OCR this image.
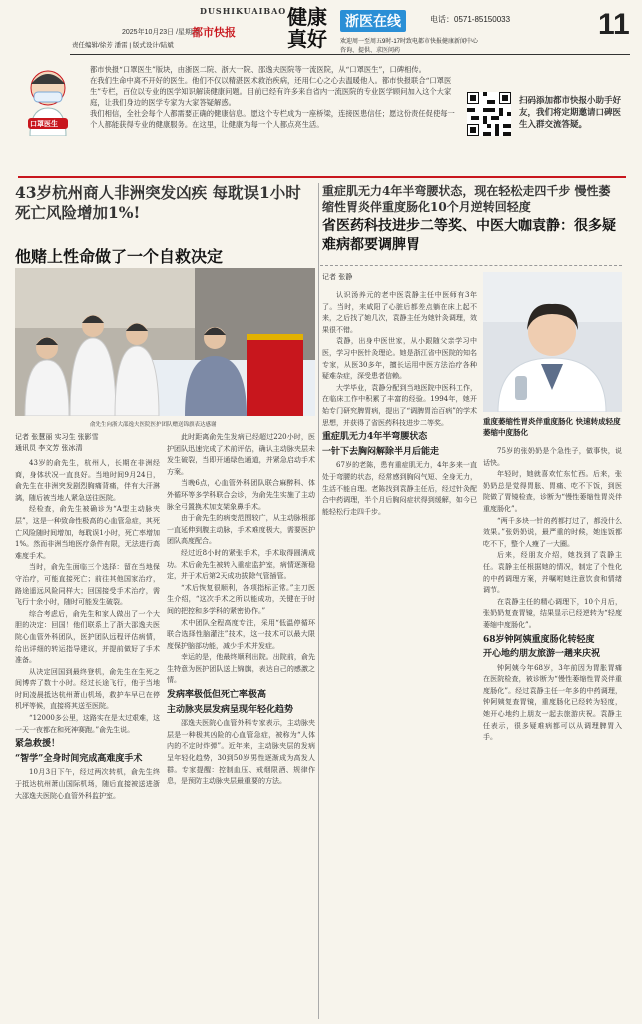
2025年10月23日 /星期四
都市快报
DUSHIKUAIBAO 健康
真好
浙医在线	电话：0571-85150033
欢迎周一至周五9时-17时致电都市快报健康新闻中心
咨询、提供、求医问药
11
责任编辑/徐芳 潘雷 | 版式设计/陆斌
口罩医生

都市快报“口罩医生”版块，由浙医二院、浙大一院、邵逸夫医院等一流医院，从“口罩医生”，口碑相传。

在我们生命中离不开好的医生。他们不仅以精湛医术救治疾病，还用仁心之心去温暖他人。都市快报联合“口罩医生”专栏，百位以专业的医学知识解读健康问题。目前已经有许多来自省内一流医院的专业医学顾问加入这个大家庭，让我们身边的医学专家为大家答疑解惑。

我们相信，全社会每个人都需要正确的健康信息。愿这个专栏成为一座桥梁，连接医患信任；愿这份责任促使每一个人都能获得专业的健康服务。在这里，让健康为每一个人都点亮生活。

扫码添加都市快报小助手好友，我们将定期邀请口碑医生入群交流答疑。
43岁杭州商人非洲突发凶疾 每耽误1小时死亡风险增加1%!
他赌上性命做了一个自救决定
俞先生向浙大邵逸夫医院医护团队赠送锦旗表达感谢
记者 张慧丽 实习生 张影雪
通讯员 李文芳 张冰清

43岁的俞先生，杭州人，长期在非洲经商，身体状况一直良好。当地时间9月24日，俞先生在非洲突发剧烈胸痛背痛，伴有大汗淋漓，随后被当地人紧急送往医院。

经检查，俞先生被确诊为“A型主动脉夹层”，这是一种致命性极高的心血管急症，其死亡风险随时间增加，每耽误1小时，死亡率增加1%。然而非洲当地医疗条件有限，无法进行高难度手术。

当时，俞先生面临三个选择：留在当地保守治疗，可能直接死亡；前往其他国家治疗，路途遥远风险同样大；回国接受手术治疗，需飞行十余小时，随时可能发生破裂。

综合考虑后，俞先生和家人做出了一个大胆的决定：回国！他们联系上了浙大邵逸夫医院心血管外科团队，医护团队远程评估病情，给出详细的转运指导建议，并提前做好了手术准备。

从决定回国到最终登机，俞先生在生死之间博弈了数十小时。经过长途飞行，他于当地时间凌晨抵达杭州萧山机场，救护车早已在停机坪等候，直接将其送至医院。

“12000多公里，这路实在是太过艰难，这一天一夜都在和死神赛跑。”俞先生说。

紧急救援！
“智学”全身时间完成高难度手术

10月3日下午，经过两次转机，俞先生终于抵达杭州萧山国际机场，随后直接被送进浙大邵逸夫医院心血管外科监护室。

此时距离俞先生发病已经超过220小时，医护团队迅速完成了术前评估，确认主动脉夹层未发生破裂，当即开通绿色通道，并紧急启动手术方案。

当晚6点，心血管外科团队联合麻醉科、体外循环等多学科联合会诊，为俞先生实施了主动脉全弓置换术加支架象鼻手术。

由于俞先生的病变范围较广，从主动脉根部一直延伸到腹主动脉，手术难度极大，需要医护团队高度配合。

经过近8小时的紧张手术，手术取得圆满成功。术后俞先生被转入重症监护室，病情逐渐稳定，并于术后第2天成功拔除气管插管。

“术后恢复很顺利，各项指标正常。”主刀医生介绍，“这次手术之所以能成功，关键在于时间的把控和多学科的紧密协作。”

术中团队全程高度专注，采用“低温停循环联合选择性脑灌注”技术，这一技术可以最大限度保护脑部功能，减少手术并发症。

幸运的是，他最终顺利出院。出院前，俞先生特意为医护团队送上锦旗，表达自己的感激之情。

发病率极低但死亡率极高
主动脉夹层发病呈现年轻化趋势

邵逸夫医院心血管外科专家表示，主动脉夹层是一种极其凶险的心血管急症，被称为“人体内的不定时炸弹”。近年来，主动脉夹层的发病呈年轻化趋势，30到50岁男性逐渐成为高发人群。专家提醒：控制血压、戒烟限酒、规律作息，是预防主动脉夹层最重要的方法。

重症肌无力4年半弯腰状态，现在轻松走四千步 慢性萎缩性胃炎伴重度肠化10个月逆转回轻度
省医药科技进步二等奖、中医大咖袁静：很多疑难病都要调脾胃
记者 张静
重度萎缩性胃炎伴重度肠化 快速转成轻度萎缩中度肠化

认识汤养元的老中医袁静主任中医师有3年了。当时，来咸阳了心脏后都差点躺在床上起不来，之后找了她几次，袁静主任为她针灸调理，效果很不错。

袁静，出身中医世家，从小跟随父亲学习中医，学习中医针灸理论。她是浙江省中医院的知名专家，从医30多年，擅长运用中医方法治疗各种疑难杂症，深受患者信赖。

大学毕业，袁静分配到当地医院中医科工作，在临床工作中积累了丰富的经验。1994年，她开始专门研究脾胃病，提出了“调脾胃治百病”的学术思想，并获得了省医药科技进步二等奖。

重症肌无力4年半弯腰状态
一针下去胸闷解除半月后能走

67岁的老陈，患有重症肌无力，4年多来一直处于弯腰的状态，经常感到胸闷气短、全身无力，生活不能自理。老陈找到袁静主任后，经过针灸配合中药调理，半个月后胸闷症状得到缓解，如今已能轻松行走四千步。

75岁的张奶奶是个急性子，做事快，说话快。

年轻时，她就喜欢忙东忙西。后来，张奶奶总是觉得胃胀、胃痛、吃不下饭，到医院做了胃镜检查，诊断为“慢性萎缩性胃炎伴重度肠化”。

“两千多块一针的药都打过了，都没什么效果。”张奶奶说，最严重的时候，她连饭都吃不下，整个人瘦了一大圈。

后来，经朋友介绍，她找到了袁静主任。袁静主任根据她的情况，制定了个性化的中药调理方案，并嘱咐她注意饮食和情绪调节。

在袁静主任的精心调理下，10个月后，张奶奶复查胃镜，结果显示已经逆转为“轻度萎缩中度肠化”。

68岁钟阿姨重度肠化转轻度
开心地约朋友旅游一趟来庆祝

钟阿姨今年68岁，3年前因为胃胀胃痛在医院检查，被诊断为“慢性萎缩性胃炎伴重度肠化”。经过袁静主任一年多的中药调理，钟阿姨复查胃镜，重度肠化已经转为轻度，她开心地约上朋友一起去旅游庆祝。袁静主任表示，很多疑难病都可以从调理脾胃入手。
